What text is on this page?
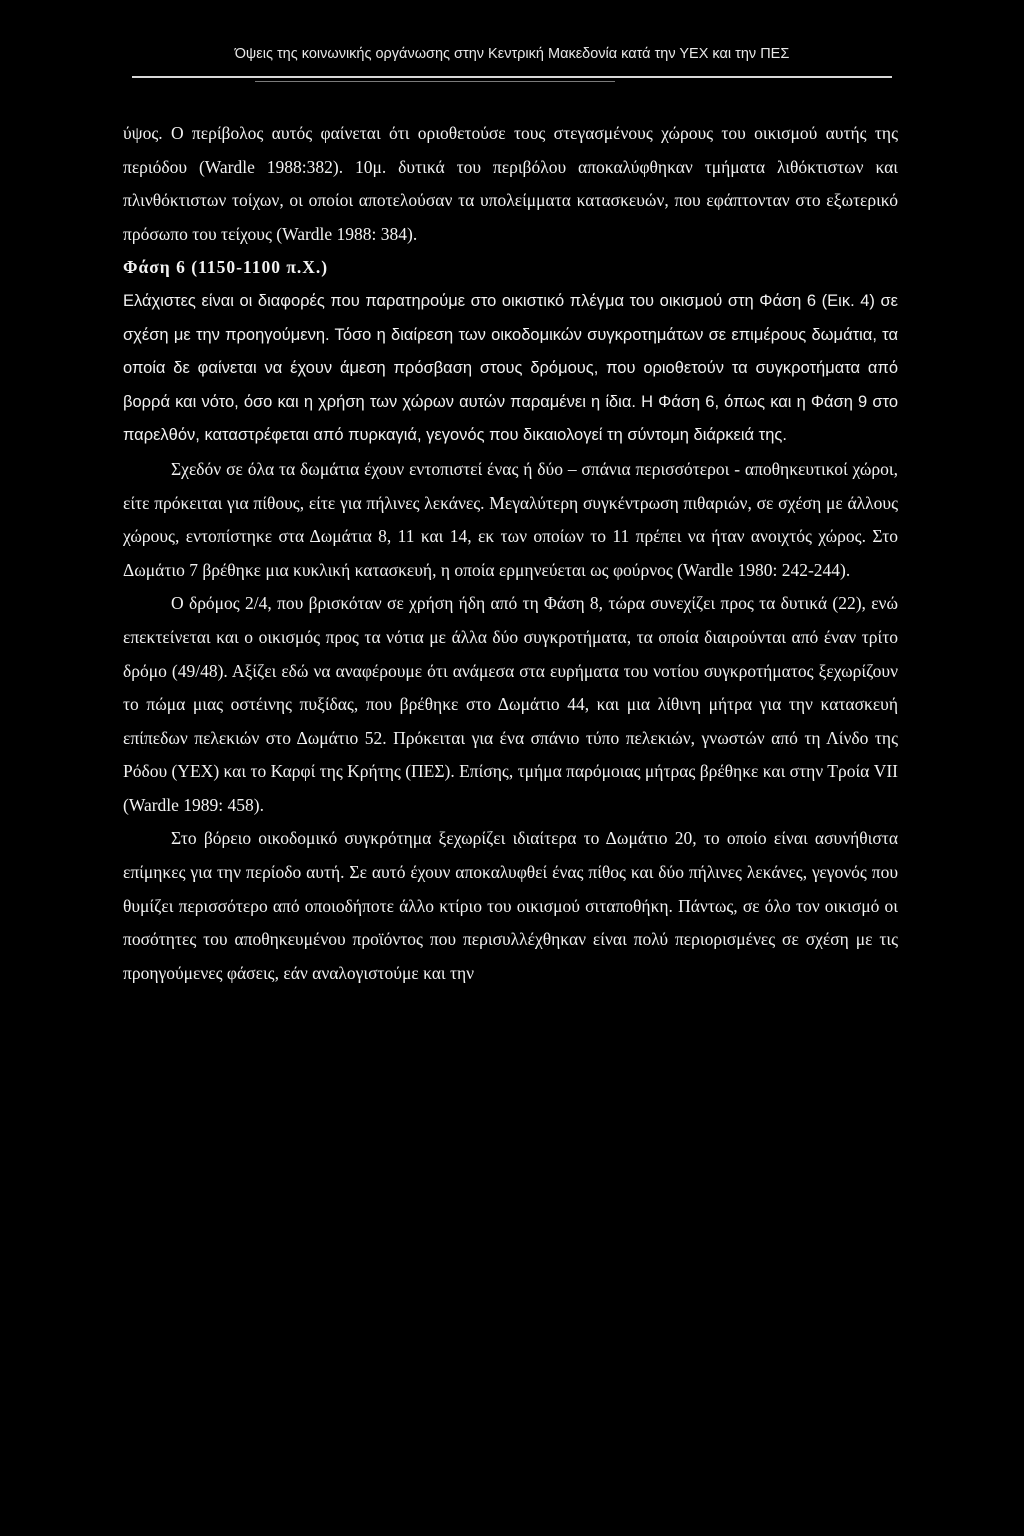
Όψεις της κοινωνικής οργάνωσης στην Κεντρική Μακεδονία κατά την ΥΕΧ και την ΠΕΣ

ύψος. Ο περίβολος αυτός φαίνεται ότι οριοθετούσε τους στεγασμένους χώρους του οικισμού αυτής της περιόδου (Wardle 1988:382). 10μ. δυτικά του περιβόλου αποκαλύφθηκαν τμήματα λιθόκτιστων και πλινθόκτιστων τοίχων, οι οποίοι αποτελούσαν τα υπολείμματα κατασκευών, που εφάπτονταν στο εξωτερικό πρόσωπο του τείχους (Wardle 1988: 384).

Φάση 6 (1150-1100 π.Χ.)

Ελάχιστες είναι οι διαφορές που παρατηρούμε στο οικιστικό πλέγμα του οικισμού στη Φάση 6 (Εικ. 4) σε σχέση με την προηγούμενη. Τόσο η διαίρεση των οικοδομικών συγκροτημάτων σε επιμέρους δωμάτια, τα οποία δε φαίνεται να έχουν άμεση πρόσβαση στους δρόμους, που οριοθετούν τα συγκροτήματα από βορρά και νότο, όσο και η χρήση των χώρων αυτών παραμένει η ίδια. Η Φάση 6, όπως και η Φάση 9 στο παρελθόν, καταστρέφεται από πυρκαγιά, γεγονός που δικαιολογεί τη σύντομη διάρκειά της.

Σχεδόν σε όλα τα δωμάτια έχουν εντοπιστεί ένας ή δύο – σπάνια περισσότεροι - αποθηκευτικοί χώροι, είτε πρόκειται για πίθους, είτε για πήλινες λεκάνες. Μεγαλύτερη συγκέντρωση πιθαριών, σε σχέση με άλλους χώρους, εντοπίστηκε στα Δωμάτια 8, 11 και 14, εκ των οποίων το 11 πρέπει να ήταν ανοιχτός χώρος. Στο Δωμάτιο 7 βρέθηκε μια κυκλική κατασκευή, η οποία ερμηνεύεται ως φούρνος (Wardle 1980: 242-244).

Ο δρόμος 2/4, που βρισκόταν σε χρήση ήδη από τη Φάση 8, τώρα συνεχίζει προς τα δυτικά (22), ενώ επεκτείνεται και ο οικισμός προς τα νότια με άλλα δύο συγκροτήματα, τα οποία διαιρούνται από έναν τρίτο δρόμο (49/48). Αξίζει εδώ να αναφέρουμε ότι ανάμεσα στα ευρήματα του νοτίου συγκροτήματος ξεχωρίζουν το πώμα μιας οστέινης πυξίδας, που βρέθηκε στο Δωμάτιο 44, και μια λίθινη μήτρα για την κατασκευή επίπεδων πελεκιών στο Δωμάτιο 52. Πρόκειται για ένα σπάνιο τύπο πελεκιών, γνωστών από τη Λίνδο της Ρόδου (ΥΕΧ) και το Καρφί της Κρήτης (ΠΕΣ). Επίσης, τμήμα παρόμοιας μήτρας βρέθηκε και στην Τροία VII (Wardle 1989: 458).

Στο βόρειο οικοδομικό συγκρότημα ξεχωρίζει ιδιαίτερα το Δωμάτιο 20, το οποίο είναι ασυνήθιστα επίμηκες για την περίοδο αυτή. Σε αυτό έχουν αποκαλυφθεί ένας πίθος και δύο πήλινες λεκάνες, γεγονός που θυμίζει περισσότερο από οποιοδήποτε άλλο κτίριο του οικισμού σιταποθήκη. Πάντως, σε όλο τον οικισμό οι ποσότητες του αποθηκευμένου προϊόντος που περισυλλέχθηκαν είναι πολύ περιορισμένες σε σχέση με τις προηγούμενες φάσεις, εάν αναλογιστούμε και την
